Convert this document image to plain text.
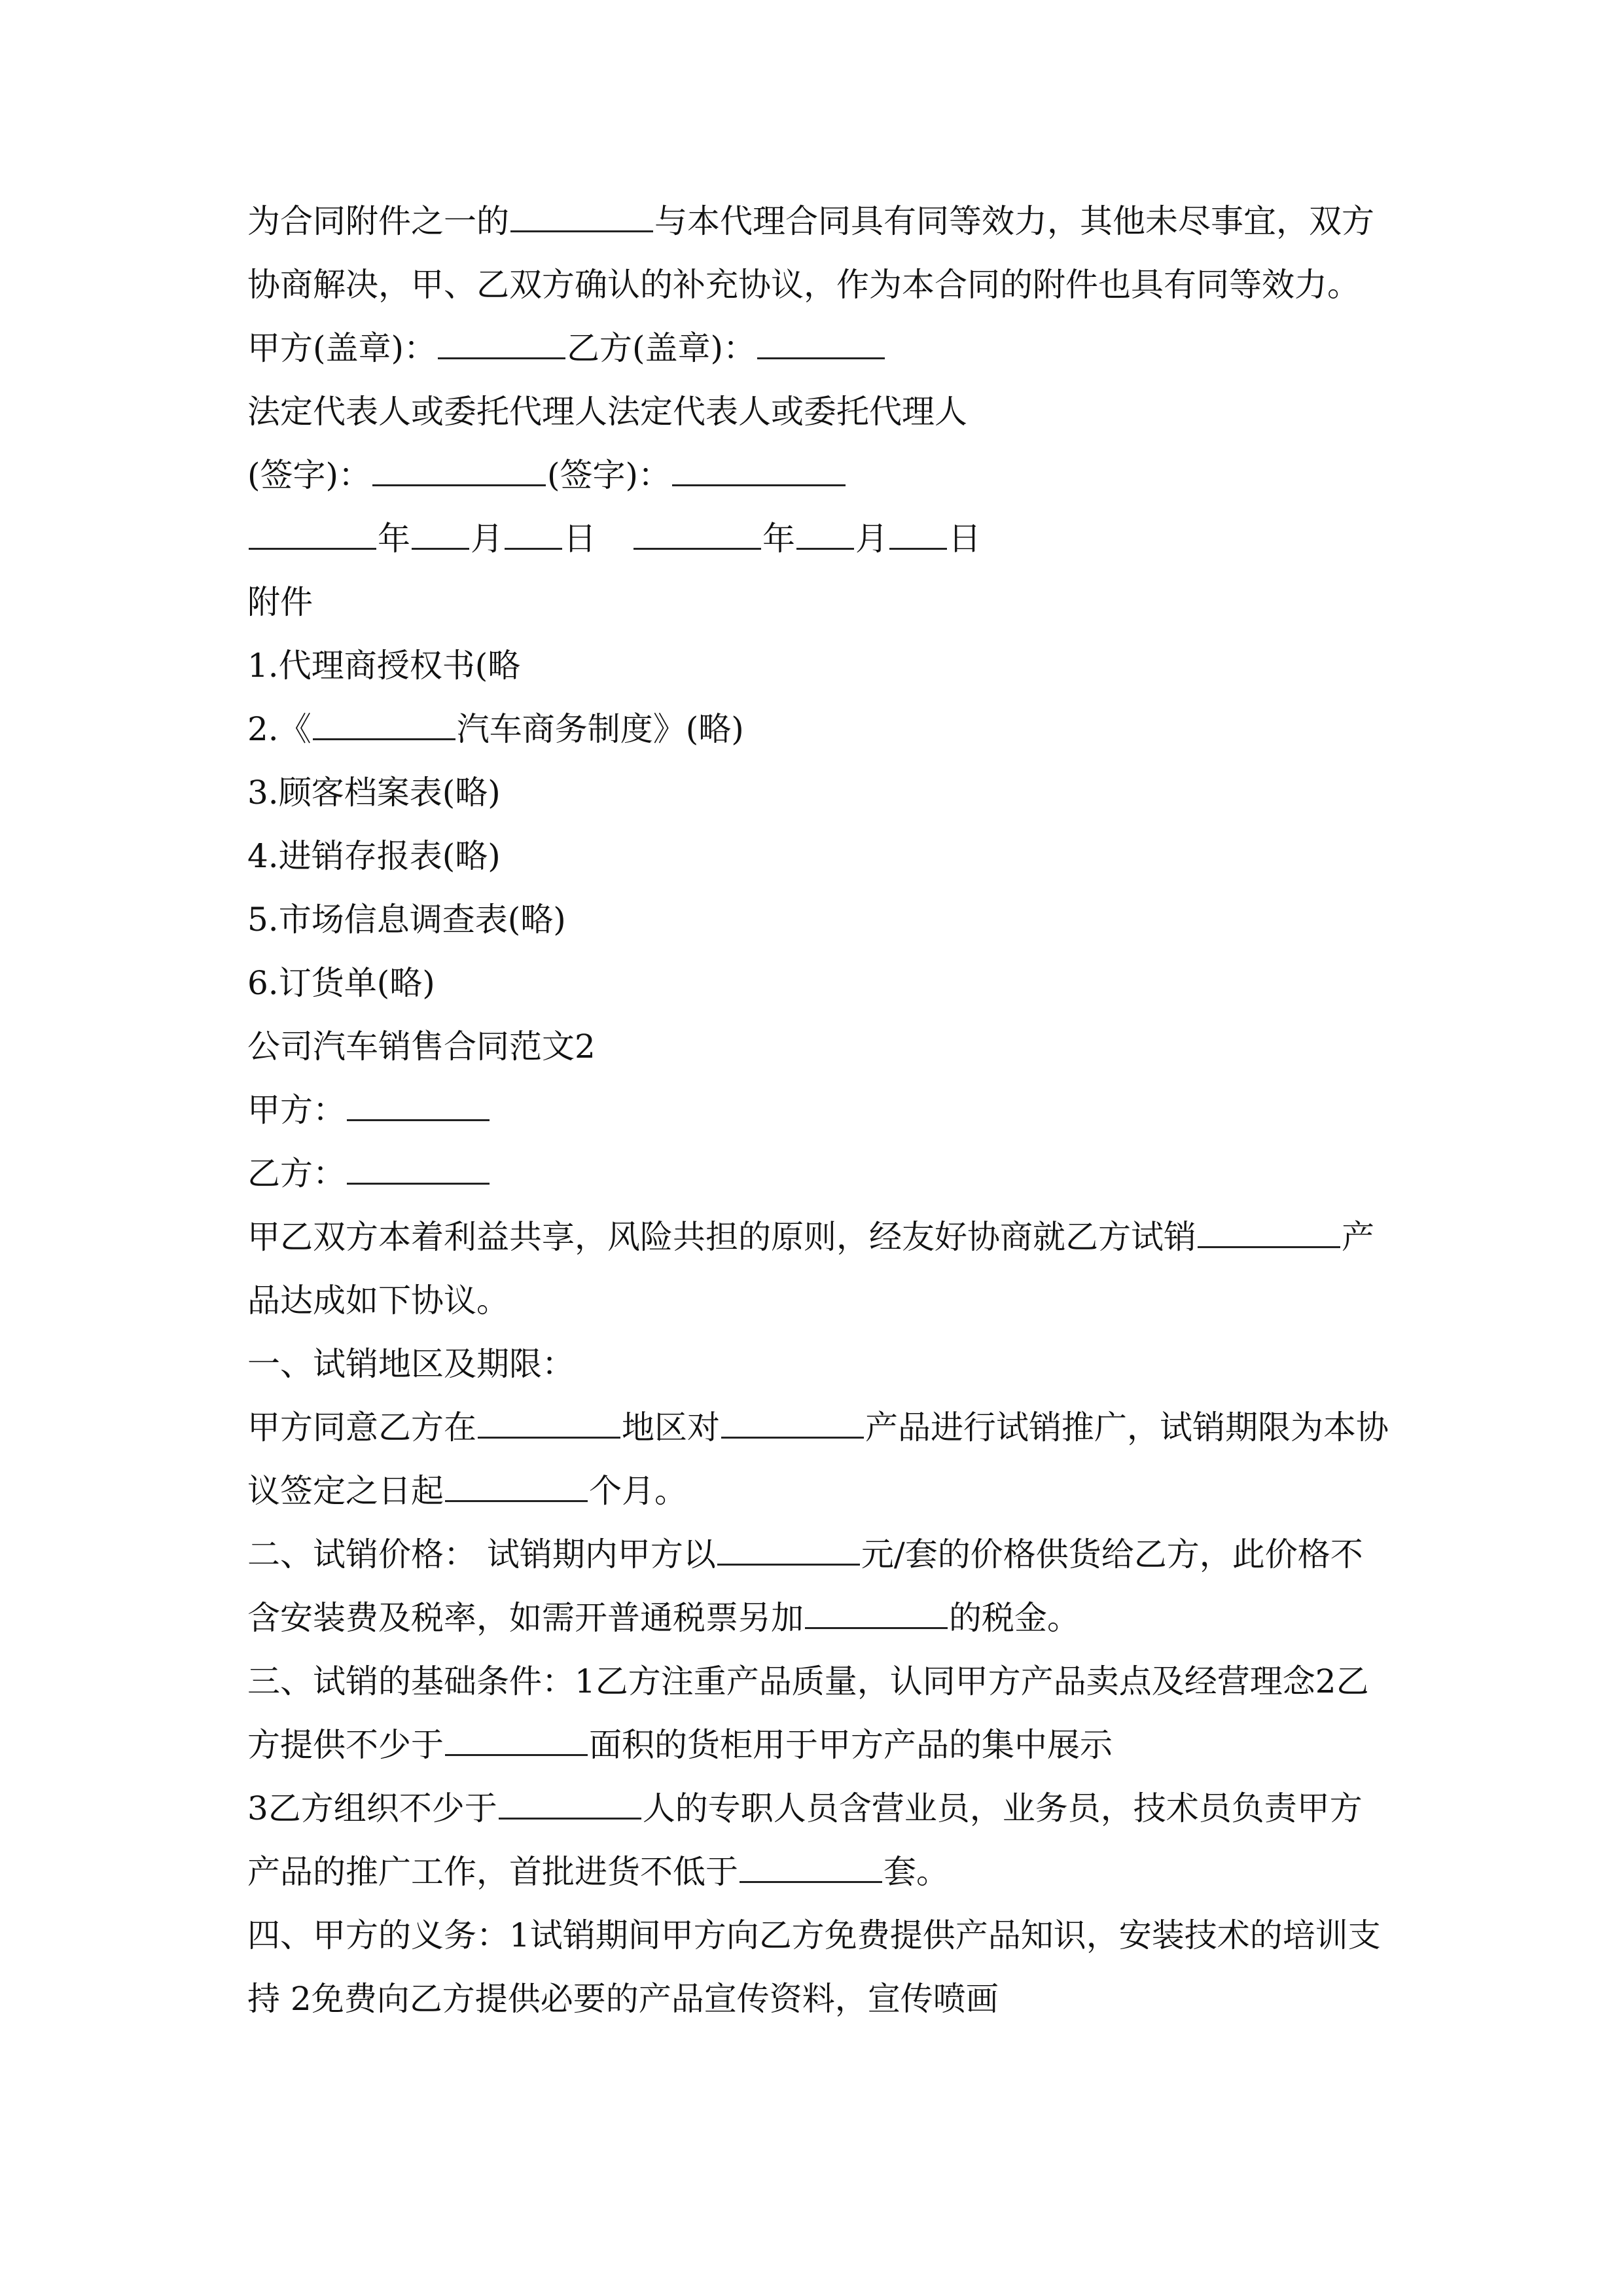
为合同附件之一的	与本代理合同具有同等效力，其他未尽事宜，双方
协商解决，甲、乙双方确认的补充协议，作为本合同的附件也具有同等效力。
甲方(盖章)：	乙方(盖章)：
法定代表人或委托代理人法定代表人或委托代理人
(签字)：	(签字)：
年 月 日	年 月 日
附件
1.代理商授权书(略
2.《	汽车商务制度》(略)
3.顾客档案表(略)
4.进销存报表(略)
5.市场信息调查表(略)
6.订货单(略)
公司汽车销售合同范文2
甲方：
乙方：
甲乙双方本着利益共享，风险共担的原则，经友好协商就乙方试销	产
品达成如下协议。
一、试销地区及期限：
甲方同意乙方在	地区对	产品进行试销推广，试销期限为本协
议签定之日起	个月。
二、试销价格： 试销期内甲方以	元/套的价格供货给乙方，此价格不
含安装费及税率，如需开普通税票另加	的税金。
三、试销的基础条件：1乙方注重产品质量，认同甲方产品卖点及经营理念2乙
方提供不少于	面积的货柜用于甲方产品的集中展示
3乙方组织不少于	人的专职人员含营业员，业务员，技术员负责甲方
产品的推广工作，首批进货不低于	套。
四、甲方的义务：1试销期间甲方向乙方免费提供产品知识，安装技术的培训支
持 2免费向乙方提供必要的产品宣传资料，宣传喷画
